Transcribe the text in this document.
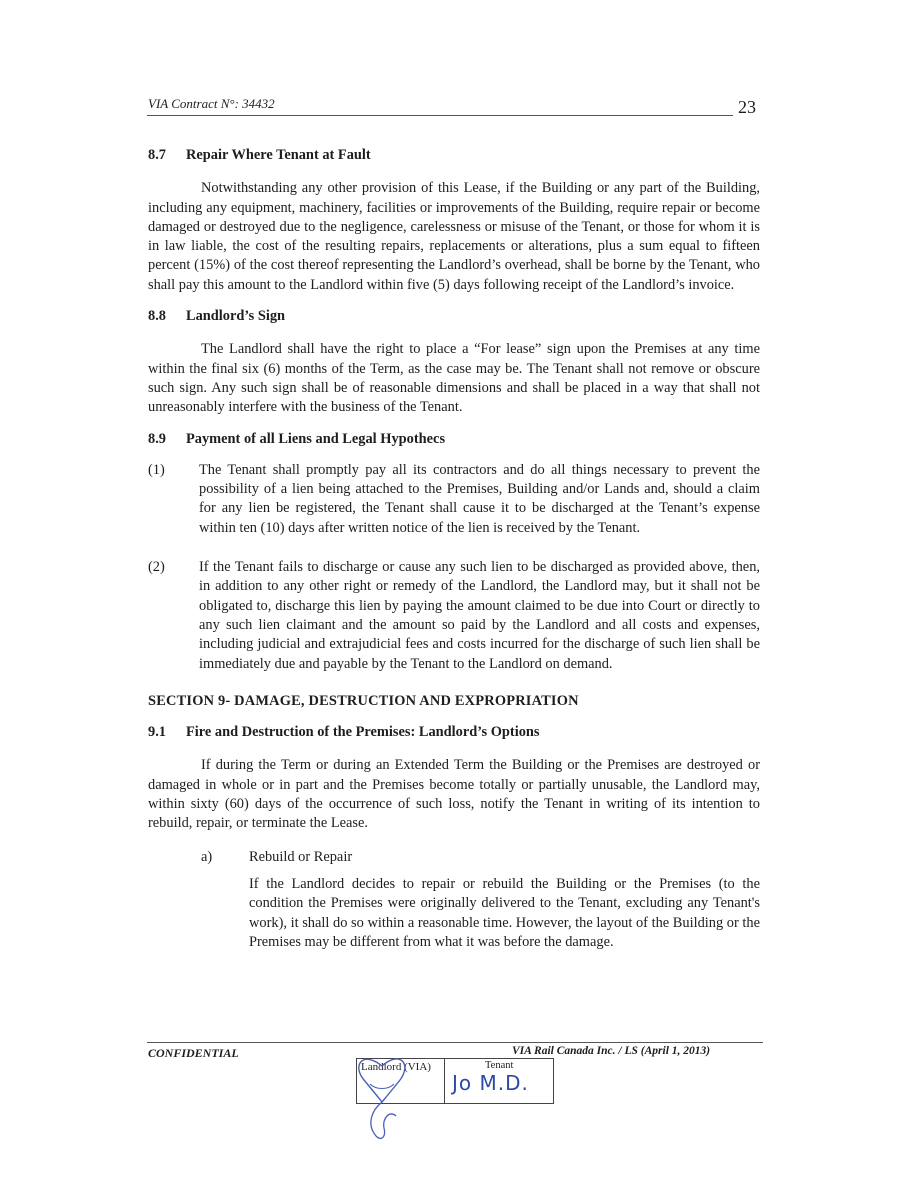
VIA Contract N°: 34432	23
8.7 Repair Where Tenant at Fault

Notwithstanding any other provision of this Lease, if the Building or any part of the Building, including any equipment, machinery, facilities or improvements of the Building, require repair or become damaged or destroyed due to the negligence, carelessness or misuse of the Tenant, or those for whom it is in law liable, the cost of the resulting repairs, replacements or alterations, plus a sum equal to fifteen percent (15%) of the cost thereof representing the Landlord’s overhead, shall be borne by the Tenant, who shall pay this amount to the Landlord within five (5) days following receipt of the Landlord’s invoice.

8.8 Landlord’s Sign

The Landlord shall have the right to place a “For lease” sign upon the Premises at any time within the final six (6) months of the Term, as the case may be. The Tenant shall not remove or obscure such sign. Any such sign shall be of reasonable dimensions and shall be placed in a way that shall not unreasonably interfere with the business of the Tenant.

8.9 Payment of all Liens and Legal Hypothecs
(1)	The Tenant shall promptly pay all its contractors and do all things necessary to prevent the possibility of a lien being attached to the Premises, Building and/or Lands and, should a claim for any lien be registered, the Tenant shall cause it to be discharged at the Tenant’s expense within ten (10) days after written notice of the lien is received by the Tenant.
(2)	If the Tenant fails to discharge or cause any such lien to be discharged as provided above, then, in addition to any other right or remedy of the Landlord, the Landlord may, but it shall not be obligated to, discharge this lien by paying the amount claimed to be due into Court or directly to any such lien claimant and the amount so paid by the Landlord and all costs and expenses, including judicial and extrajudicial fees and costs incurred for the discharge of such lien shall be immediately due and payable by the Tenant to the Landlord on demand.
SECTION 9- DAMAGE, DESTRUCTION AND EXPROPRIATION
9.1 Fire and Destruction of the Premises: Landlord’s Options

If during the Term or during an Extended Term the Building or the Premises are destroyed or damaged in whole or in part and the Premises become totally or partially unusable, the Landlord may, within sixty (60) days of the occurrence of such loss, notify the Tenant in writing of its intention to rebuild, repair, or terminate the Lease.

a)	Rebuild or Repair

If the Landlord decides to repair or rebuild the Building or the Premises (to the condition the Premises were originally delivered to the Tenant, excluding any Tenant's work), it shall do so within a reasonable time. However, the layout of the Building or the Premises may be different from what it was before the damage.

CONFIDENTIAL	VIA Rail Canada Inc. / LS (April 1, 2013)
Landlord (VIA)	Tenant
Jo M.D.
